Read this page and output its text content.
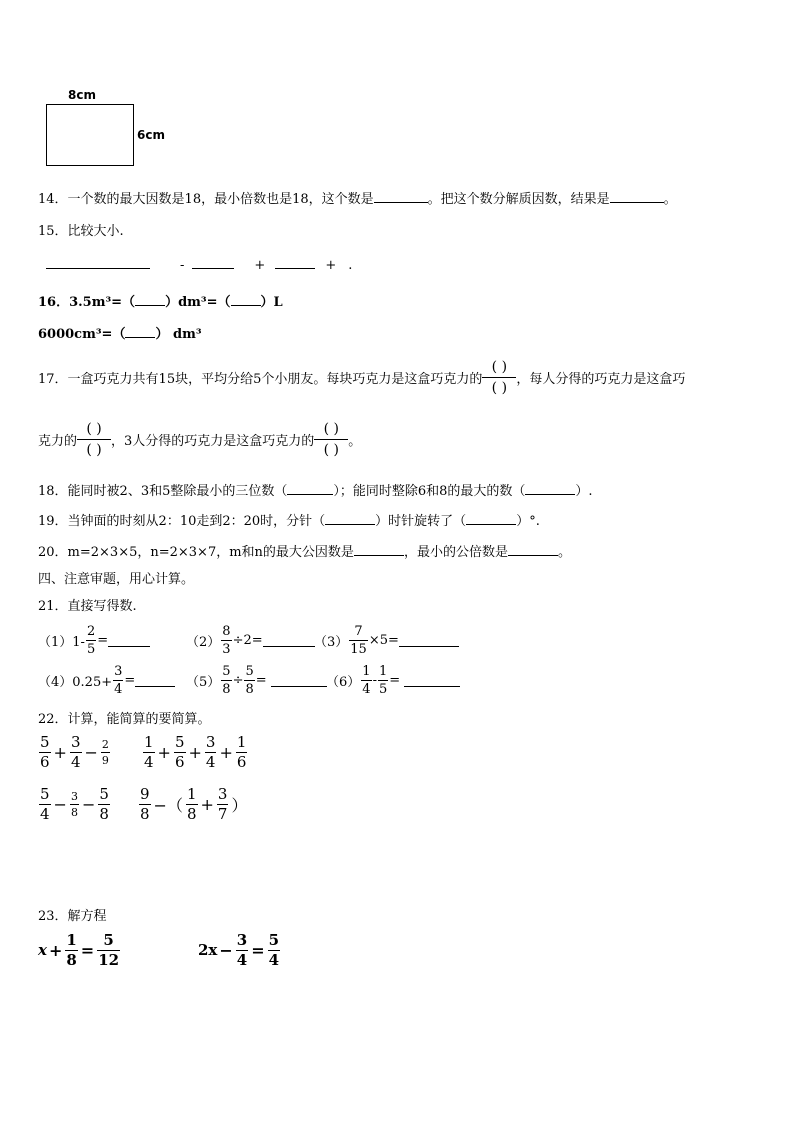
8cm
6cm
14．一个数的最大因数是18，最小倍数也是18，这个数是	。把这个数分解质因数，结果是	。
15．比较大小.
-	+	+ .
16．3.5m³=（ ）dm³=（ ）L
6000cm³=（ ） dm³
17．一盒巧克力共有15块，平均分给5个小朋友。每块巧克力是这盒巧克力的 $\frac{( )}{( )}$ ，每人分得的巧克力是这盒巧
克力的 $\frac{( )}{( )}$ ，3人分得的巧克力是这盒巧克力的 $\frac{( )}{( )}$ 。
18．能同时被2、3和5整除最小的三位数（	）；能同时整除6和8的最大的数（	）.
19．当钟面的时刻从2：10走到2：20时，分针（	）时针旋转了（	）°.
20．m=2×3×5，n=2×3×7，m和n的最大公因数是	，最小的公倍数是	。
四、注意审题，用心计算。
21．直接写得数.
$(1)1- \frac{2}{5}$ =	$(2) \frac{8}{3} \div 2=$	$(3) \frac{7}{15} \times 5=$
$(4)0.25+ \frac{3}{4}$ =	$(5) \frac{5}{8} \div \frac{5}{8}$ =	$(6) \frac{1}{4} - \frac{1}{5}$ =
22．计算，能简算的要简算。
$\frac{5}{6} + \frac{3}{4} - \frac{2}{9} \frac{1}{4} + \frac{5}{6} + \frac{3}{4} + \frac{1}{6}$
$\frac{5}{4} - \frac{3}{8} - \frac{5}{8} \frac{9}{8}$ −（ $\frac{1}{8} + \frac{3}{7}$ ）
23．解方程
$x + \frac{1}{8} = \frac{5}{12}$	$2x - \frac{3}{4} = \frac{5}{4}$
